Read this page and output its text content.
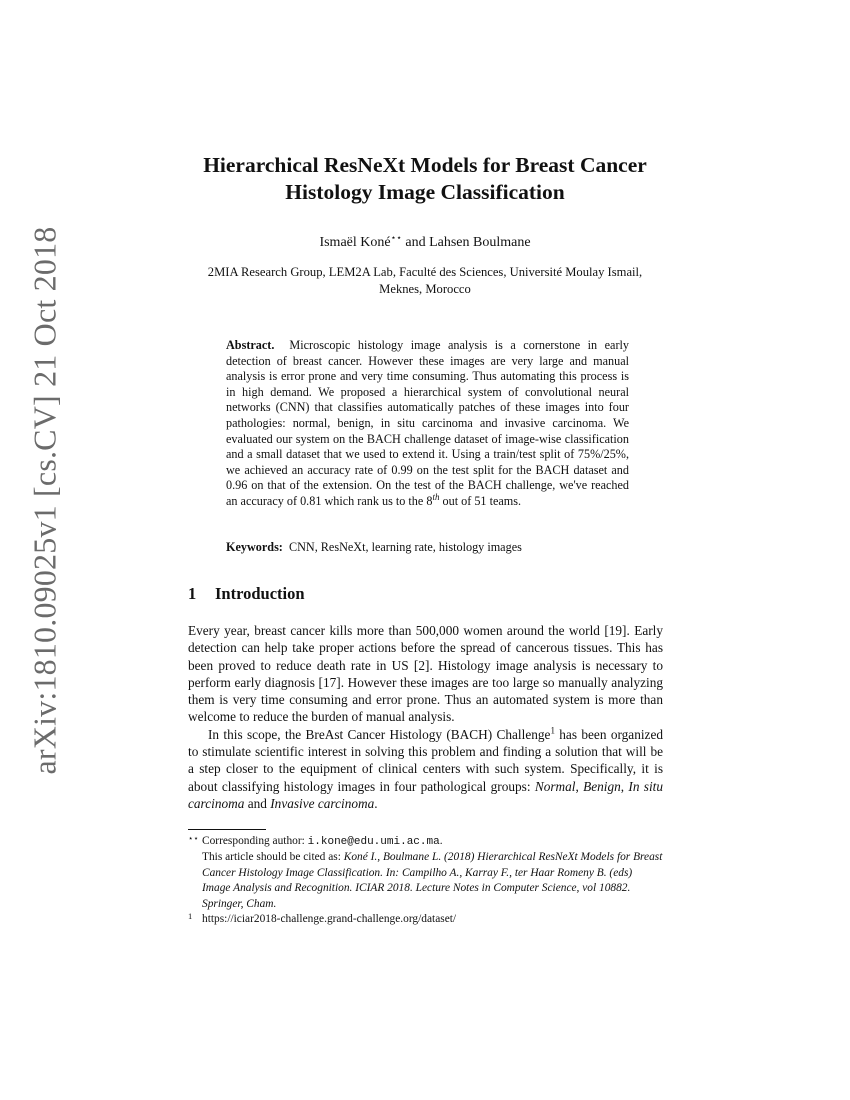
arXiv:1810.09025v1 [cs.CV] 21 Oct 2018
Hierarchical ResNeXt Models for Breast Cancer
Histology Image Classification
Ismaël Koné⋆⋆ and Lahsen Boulmane
2MIA Research Group, LEM2A Lab, Faculté des Sciences, Université Moulay Ismail,
Meknes, Morocco
Abstract. Microscopic histology image analysis is a cornerstone in early detection of breast cancer. However these images are very large and manual analysis is error prone and very time consuming. Thus automating this process is in high demand. We proposed a hierarchical system of convolutional neural networks (CNN) that classifies automatically patches of these images into four pathologies: normal, benign, in situ carcinoma and invasive carcinoma. We evaluated our system on the BACH challenge dataset of image-wise classification and a small dataset that we used to extend it. Using a train/test split of 75%/25%, we achieved an accuracy rate of 0.99 on the test split for the BACH dataset and 0.96 on that of the extension. On the test of the BACH challenge, we've reached an accuracy of 0.81 which rank us to the 8th out of 51 teams.
Keywords: CNN, ResNeXt, learning rate, histology images
1 Introduction

Every year, breast cancer kills more than 500,000 women around the world [19]. Early detection can help take proper actions before the spread of cancerous tissues. This has been proved to reduce death rate in US [2]. Histology image analysis is necessary to perform early diagnosis [17]. However these images are too large so manually analyzing them is very time consuming and error prone. Thus an automated system is more than welcome to reduce the burden of manual analysis.

In this scope, the BreAst Cancer Histology (BACH) Challenge$^1$ has been organized to stimulate scientific interest in solving this problem and finding a solution that will be a step closer to the equipment of clinical centers with such system. Specifically, it is about classifying histology images in four pathological groups: Normal, Benign, In situ carcinoma and Invasive carcinoma.

⋆⋆ Corresponding author: i.kone@edu.umi.ac.ma.
This article should be cited as: Koné I., Boulmane L. (2018) Hierarchical ResNeXt Models for Breast Cancer Histology Image Classification. In: Campilho A., Karray F., ter Haar Romeny B. (eds) Image Analysis and Recognition. ICIAR 2018. Lecture Notes in Computer Science, vol 10882. Springer, Cham.
1 https://iciar2018-challenge.grand-challenge.org/dataset/
